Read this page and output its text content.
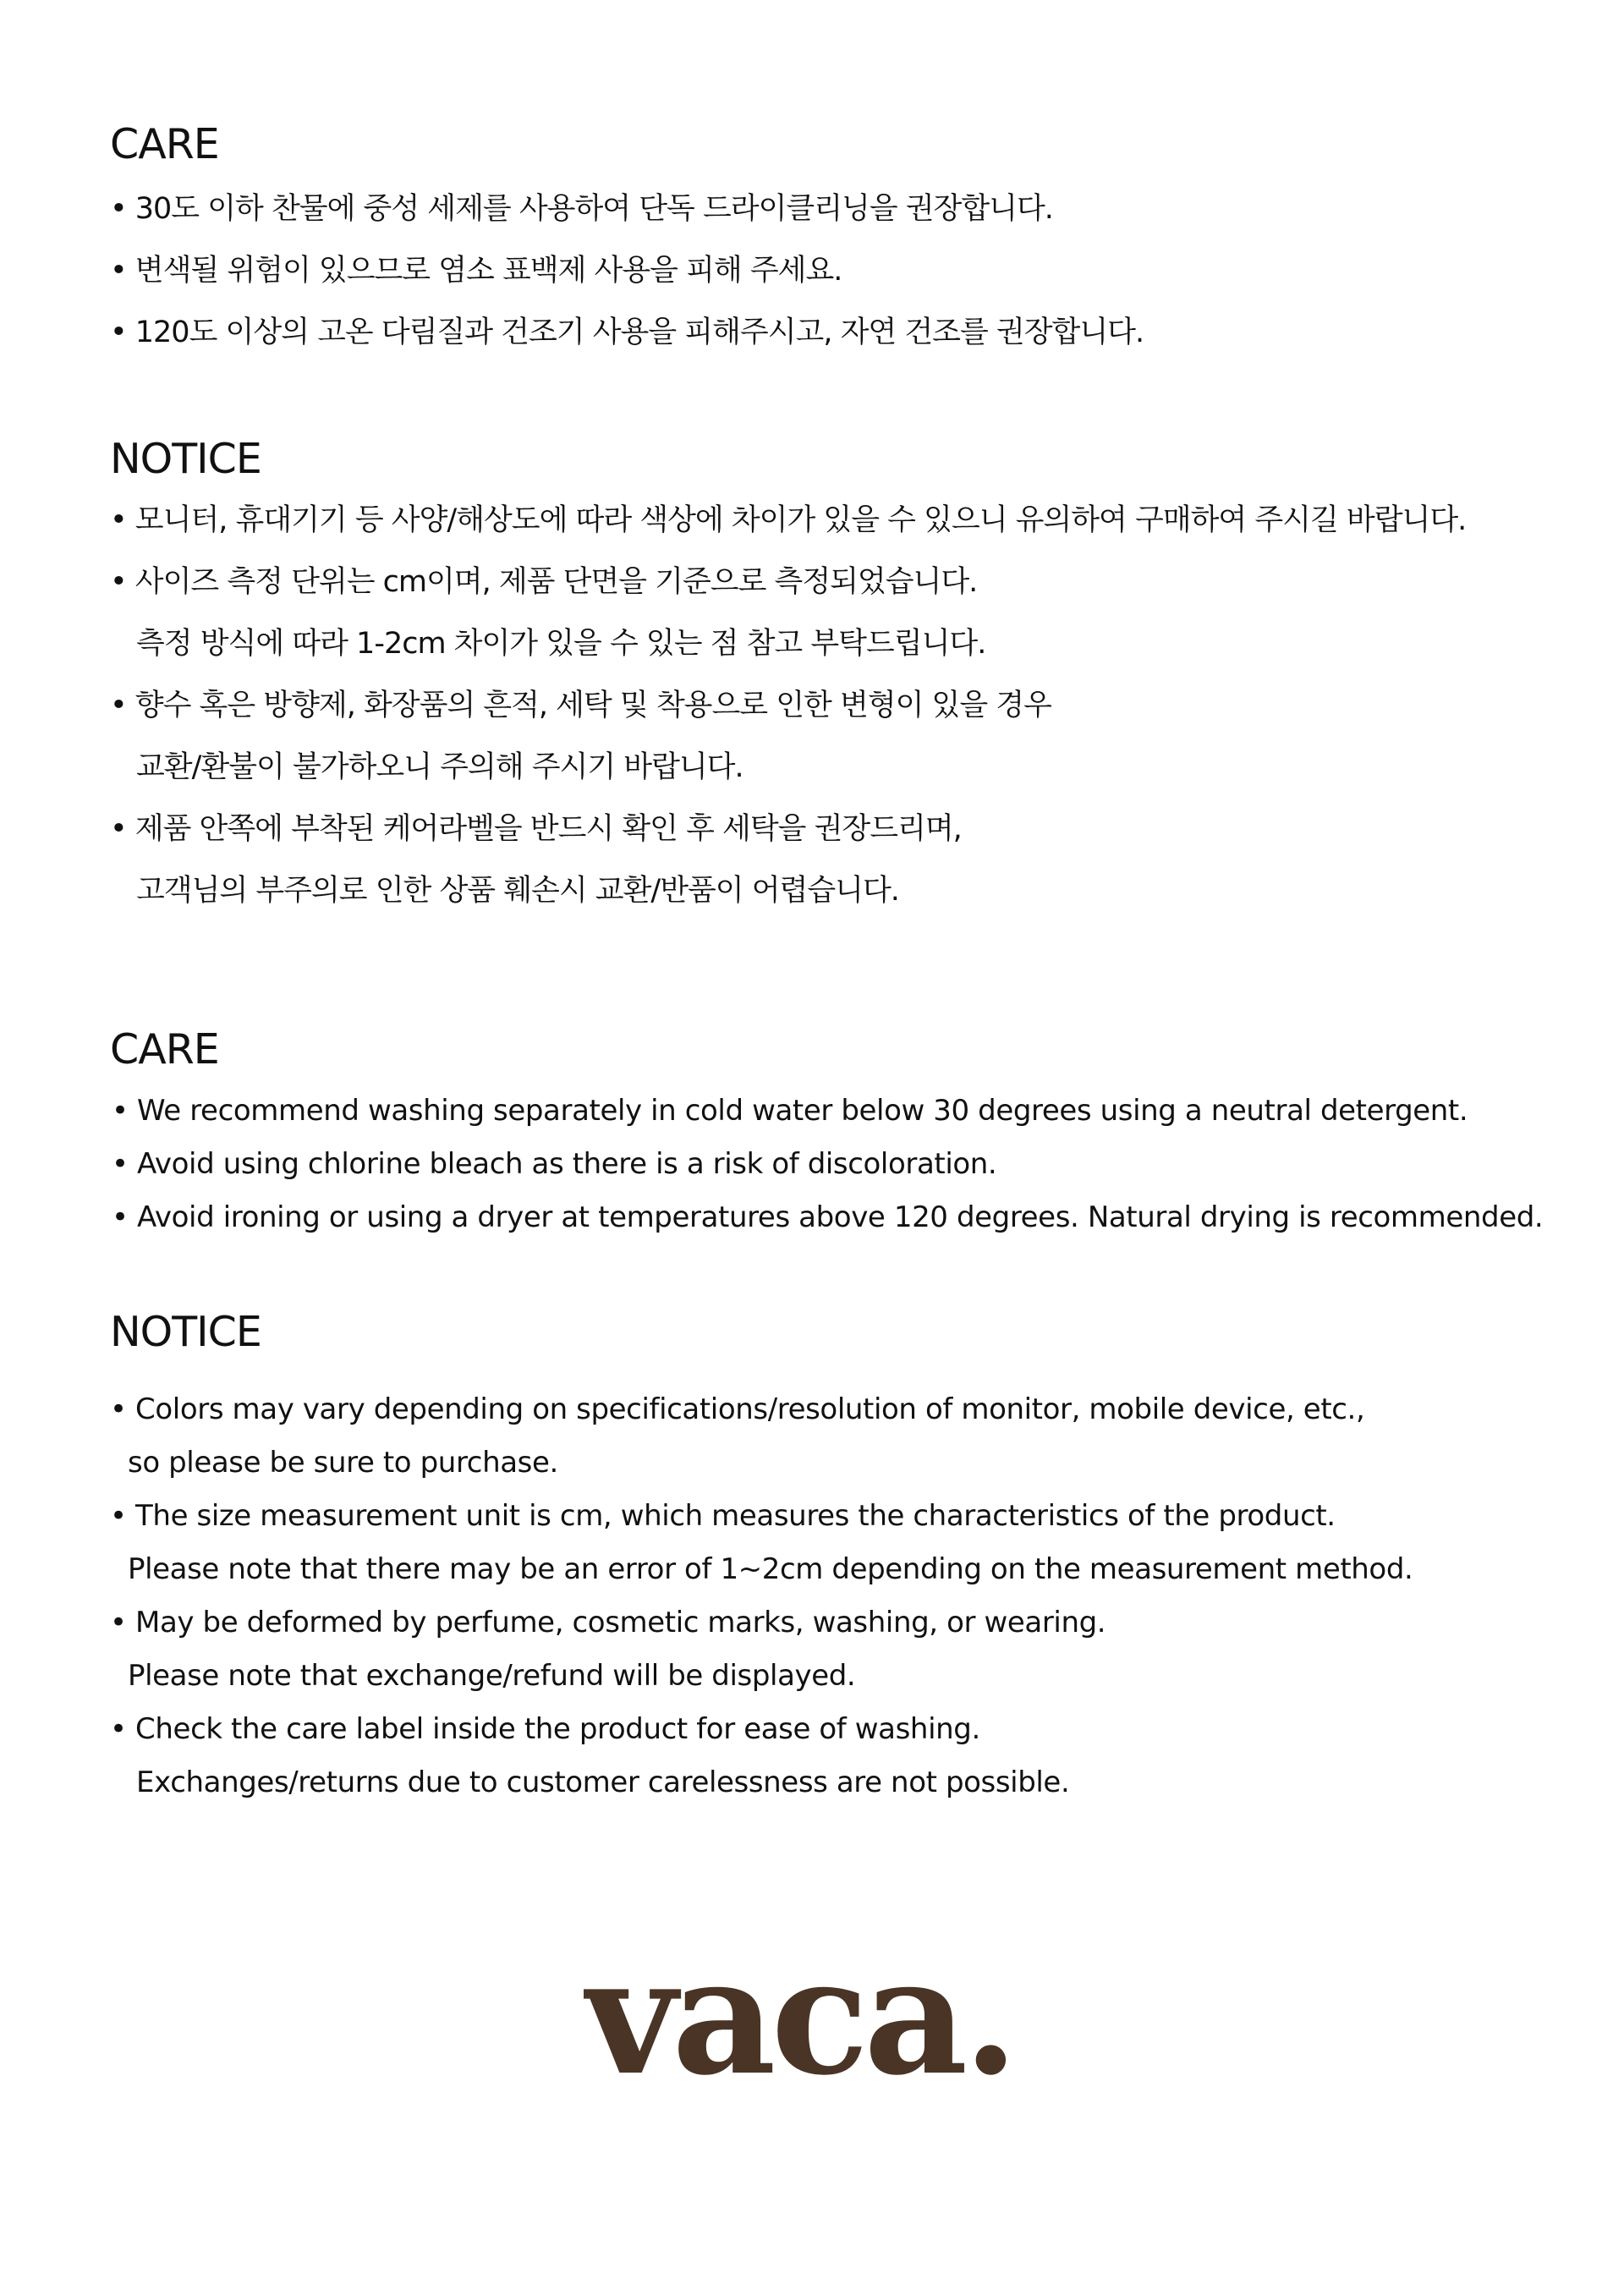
CARE
• 30도 이하 찬물에 중성 세제를 사용하여 단독 드라이클리닝을 권장합니다.
• 변색될 위험이 있으므로 염소 표백제 사용을 피해 주세요.
• 120도 이상의 고온 다림질과 건조기 사용을 피해주시고, 자연 건조를 권장합니다.
NOTICE
• 모니터, 휴대기기 등 사양/해상도에 따라 색상에 차이가 있을 수 있으니 유의하여 구매하여 주시길 바랍니다.
• 사이즈 측정 단위는 cm이며, 제품 단면을 기준으로 측정되었습니다.
측정 방식에 따라 1-2cm 차이가 있을 수 있는 점 참고 부탁드립니다.
• 향수 혹은 방향제, 화장품의 흔적, 세탁 및 착용으로 인한 변형이 있을 경우
교환/환불이 불가하오니 주의해 주시기 바랍니다.
• 제품 안쪽에 부착된 케어라벨을 반드시 확인 후 세탁을 권장드리며,
고객님의 부주의로 인한 상품 훼손시 교환/반품이 어렵습니다.
CARE
• We recommend washing separately in cold water below 30 degrees using a neutral detergent.
• Avoid using chlorine bleach as there is a risk of discoloration.
• Avoid ironing or using a dryer at temperatures above 120 degrees. Natural drying is recommended.
NOTICE
• Colors may vary depending on specifications/resolution of monitor, mobile device, etc.,
so please be sure to purchase.
• The size measurement unit is cm, which measures the characteristics of the product.
Please note that there may be an error of 1~2cm depending on the measurement method.
• May be deformed by perfume, cosmetic marks, washing, or wearing.
Please note that exchange/refund will be displayed.
• Check the care label inside the product for ease of washing.
Exchanges/returns due to customer carelessness are not possible.
vaca.
